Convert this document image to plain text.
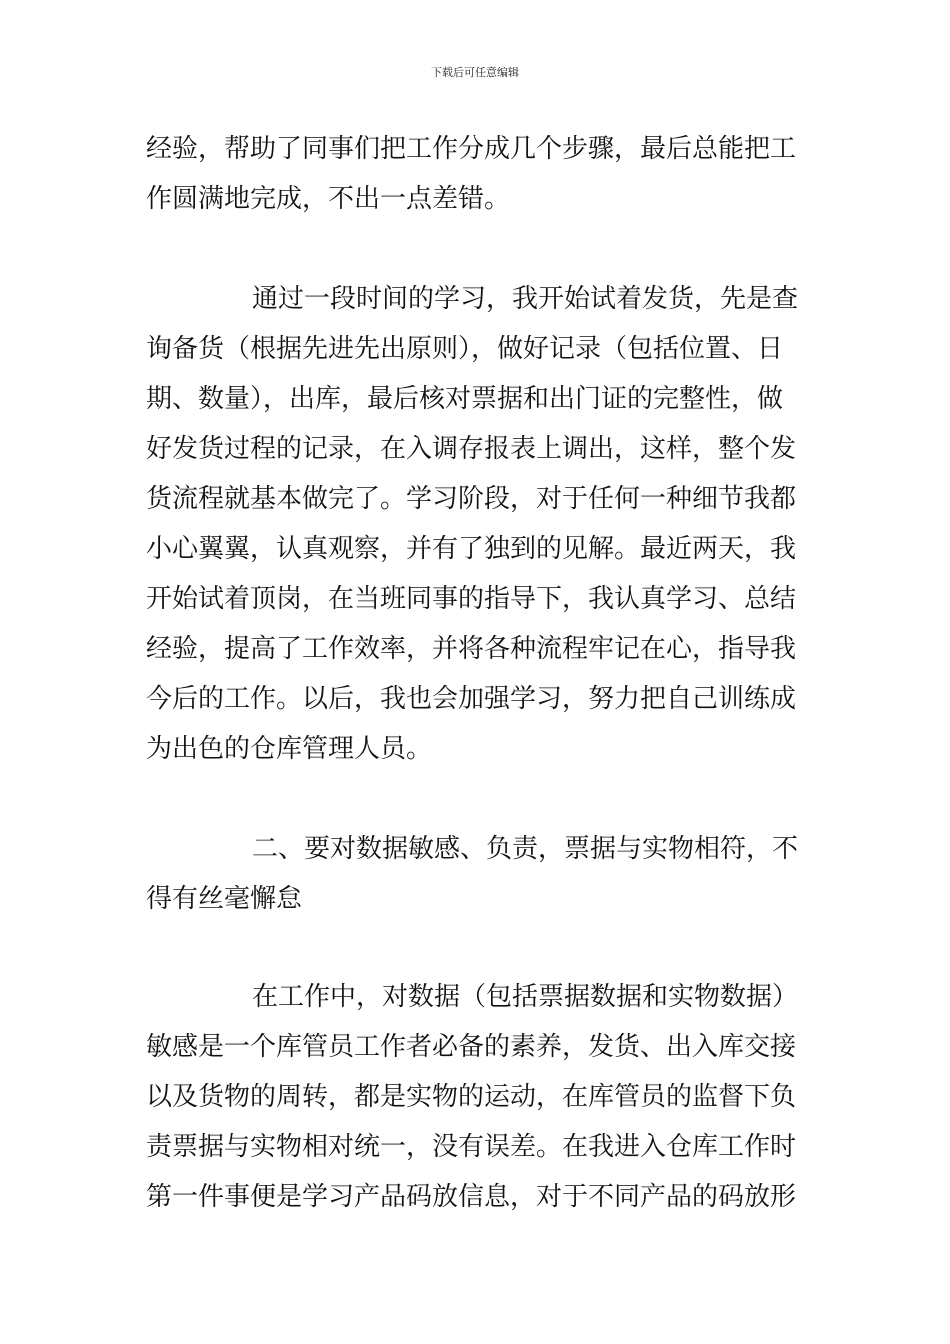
下载后可任意编辑
经验，帮助了同事们把工作分成几个步骤，最后总能把工
作圆满地完成，不出一点差错。
通过一段时间的学习，我开始试着发货，先是查
询备货（根据先进先出原则），做好记录（包括位置、日
期、数量），出库，最后核对票据和出门证的完整性，做
好发货过程的记录，在入调存报表上调出，这样，整个发
货流程就基本做完了。学习阶段，对于任何一种细节我都
小心翼翼，认真观察，并有了独到的见解。最近两天，我
开始试着顶岗，在当班同事的指导下，我认真学习、总结
经验，提高了工作效率，并将各种流程牢记在心，指导我
今后的工作。以后，我也会加强学习，努力把自己训练成
为出色的仓库管理人员。
二、要对数据敏感、负责，票据与实物相符，不
得有丝毫懈怠
在工作中，对数据（包括票据数据和实物数据）
敏感是一个库管员工作者必备的素养，发货、出入库交接
以及货物的周转，都是实物的运动，在库管员的监督下负
责票据与实物相对统一，没有误差。在我进入仓库工作时
第一件事便是学习产品码放信息，对于不同产品的码放形
